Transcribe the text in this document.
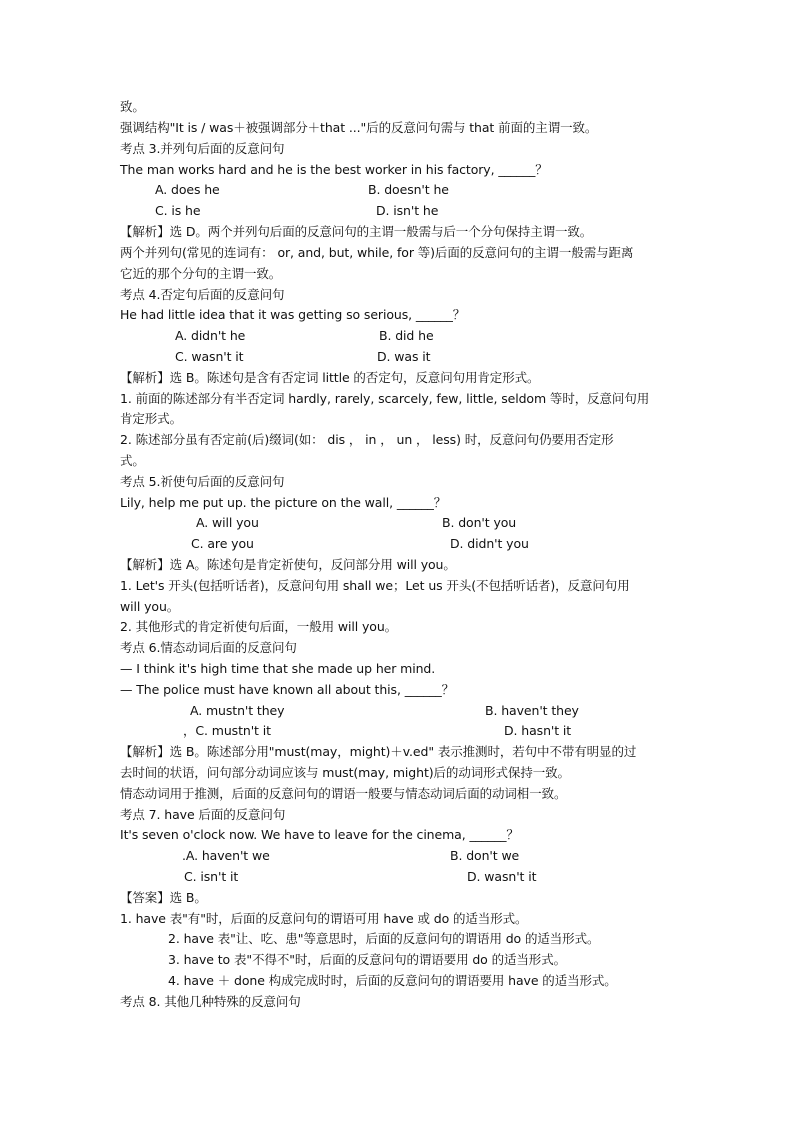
致。
强调结构"It is / was＋被强调部分＋that ..."后的反意问句需与 that 前面的主谓一致。
考点 3.并列句后面的反意问句
The man works hard and he is the best worker in his factory, ______？
A. does he	B. doesn't he
C. is he	D. isn't he
【解析】选 D。两个并列句后面的反意问句的主谓一般需与后一个分句保持主谓一致。
两个并列句(常见的连词有： or, and, but, while, for 等)后面的反意问句的主谓一般需与距离
它近的那个分句的主谓一致。
考点 4.否定句后面的反意问句
He had little idea that it was getting so serious, ______？
A. didn't he	B. did he
C. wasn't it	D. was it
【解析】选 B。陈述句是含有否定词 little 的否定句，反意问句用肯定形式。
1. 前面的陈述部分有半否定词 hardly, rarely, scarcely, few, little, seldom 等时，反意问句用
肯定形式。
2. 陈述部分虽有否定前(后)缀词(如： dis ， in ， un ， less) 时，反意问句仍要用否定形
式。
考点 5.祈使句后面的反意问句
Lily, help me put up. the picture on the wall, ______？
A. will you	B. don't you
C. are you	D. didn't you
【解析】选 A。陈述句是肯定祈使句，反问部分用 will you。
1. Let's 开头(包括听话者)，反意问句用 shall we；Let us 开头(不包括听话者)，反意问句用
will you。
2. 其他形式的肯定祈使句后面，一般用 will you。
考点 6.情态动词后面的反意问句
— I think it's high time that she made up her mind.
— The police must have known all about this, ______？
A. mustn't they	B. haven't they
，C. mustn't it	D. hasn't it
【解析】选 B。陈述部分用"must(may，might)＋v.ed" 表示推测时，若句中不带有明显的过
去时间的状语，问句部分动词应该与 must(may, might)后的动词形式保持一致。
情态动词用于推测，后面的反意问句的谓语一般要与情态动词后面的动词相一致。
考点 7. have 后面的反意问句
It's seven o'clock now. We have to leave for the cinema, ______？
.A. haven't we	B. don't we
C. isn't it	D. wasn't it
【答案】选 B。
1. have 表"有"时，后面的反意问句的谓语可用 have 或 do 的适当形式。
2. have 表"让、吃、患"等意思时，后面的反意问句的谓语用 do 的适当形式。
3. have to 表"不得不"时，后面的反意问句的谓语要用 do 的适当形式。
4. have ＋ done 构成完成时时，后面的反意问句的谓语要用 have 的适当形式。
考点 8. 其他几种特殊的反意问句
